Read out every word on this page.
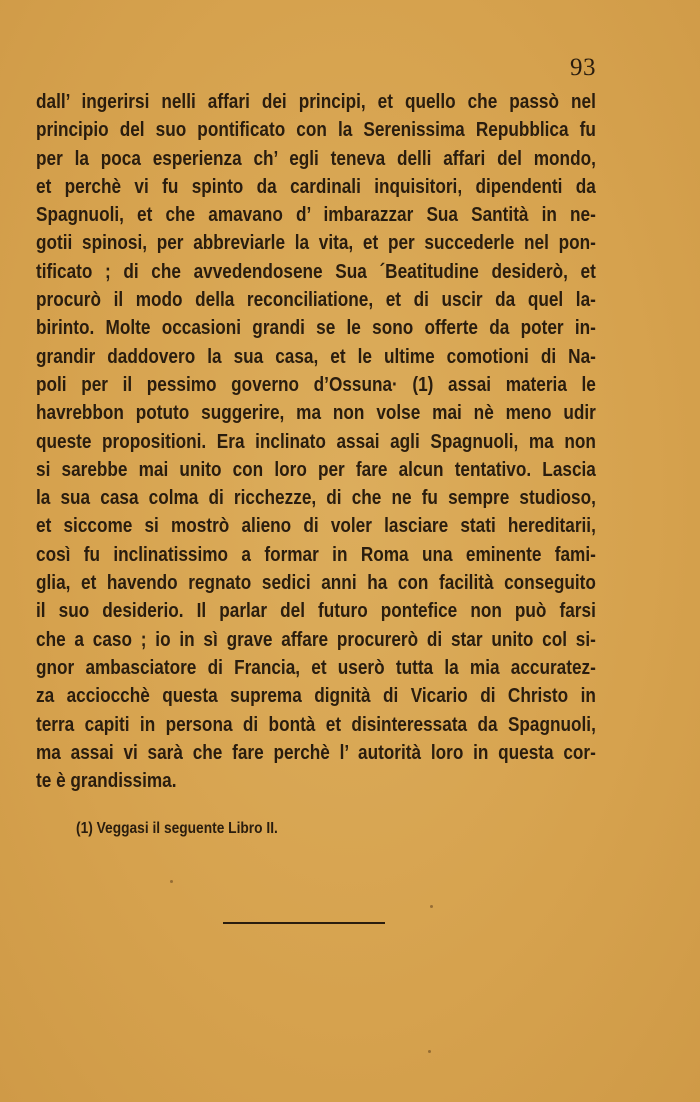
93
dall’ ingerirsi nelli affari dei principi, et quello che passò nel
principio del suo pontificato con la Serenissima Repubblica fu
per la poca esperienza ch’ egli teneva delli affari del mondo,
et perchè vi fu spinto da cardinali inquisitori, dipendenti da
Spagnuoli, et che amavano d’ imbarazzar Sua Santità in ne-
gotii spinosi, per abbreviarle la vita, et per succederle nel pon-
tificato ; di che avvedendosene Sua ´Beatitudine desiderò, et
procurò il modo della reconciliatione, et di uscir da quel la-
birinto. Molte occasioni grandi se le sono offerte da poter in-
grandir daddovero la sua casa, et le ultime comotioni di Na-
poli per il pessimo governo d’Ossuna· (1) assai materia le
havrebbon potuto suggerire, ma non volse mai nè meno udir
queste propositioni. Era inclinato assai agli Spagnuoli, ma non
si sarebbe mai unito con loro per fare alcun tentativo. Lascia
la sua casa colma di ricchezze, di che ne fu sempre studioso,
et siccome si mostrò alieno di voler lasciare stati hereditarii,
così fu inclinatissimo a formar in Roma una eminente fami-
glia, et havendo regnato sedici anni ha con facilità conseguito
il suo desiderio. Il parlar del futuro pontefice non può farsi
che a caso ; io in sì grave affare procurerò di star unito col si-
gnor ambasciatore di Francia, et userò tutta la mia accuratez-
za acciocchè questa suprema dignità di Vicario di Christo in
terra capiti in persona di bontà et disinteressata da Spagnuoli,
ma assai vi sarà che fare perchè l’ autorità loro in questa cor-
te è grandissima.
(1) Veggasi il seguente Libro II.
